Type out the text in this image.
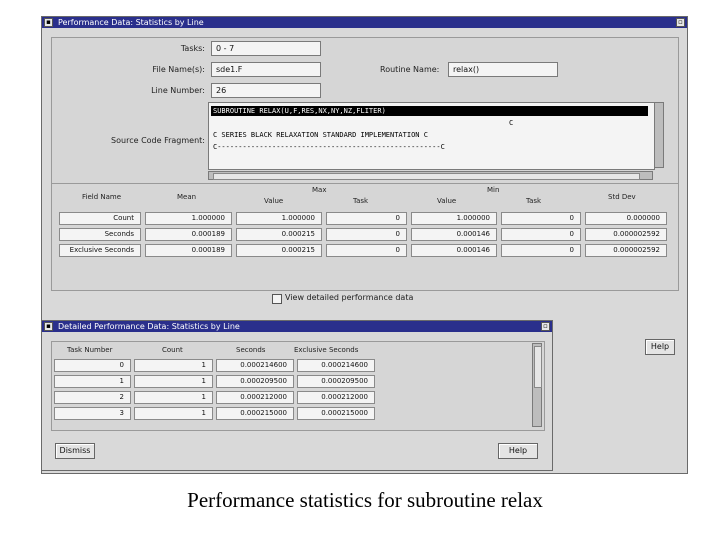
Performance Data: Statistics by Line
▪	▫
Tasks:	0 - 7
File Name(s):	sde1.F	Routine Name:	relax()
Line Number:	26
Source Code Fragment:
SUBROUTINE RELAX(U,F,RES,NX,NY,NZ,FLITER)
C
C SERIES BLACK RELAXATION STANDARD IMPLEMENTATION C
C-----------------------------------------------------C
Field Name	Mean
Max
Value	Task
Min
Value	Task	Std Dev
Count	1.000000	1.000000	0	1.000000	0	0.000000
Seconds	0.000189	0.000215	0	0.000146	0	0.000002592
Exclusive Seconds	0.000189	0.000215	0	0.000146	0	0.000002592
View detailed performance data
Help
Detailed Performance Data: Statistics by Line
▪	▫
Task Number	Count	Seconds	Exclusive Seconds
0	1	0.000214600	0.000214600
1	1	0.000209500	0.000209500
2	1	0.000212000	0.000212000
3	1	0.000215000	0.000215000
Dismiss	Help
Performance statistics for subroutine relax
